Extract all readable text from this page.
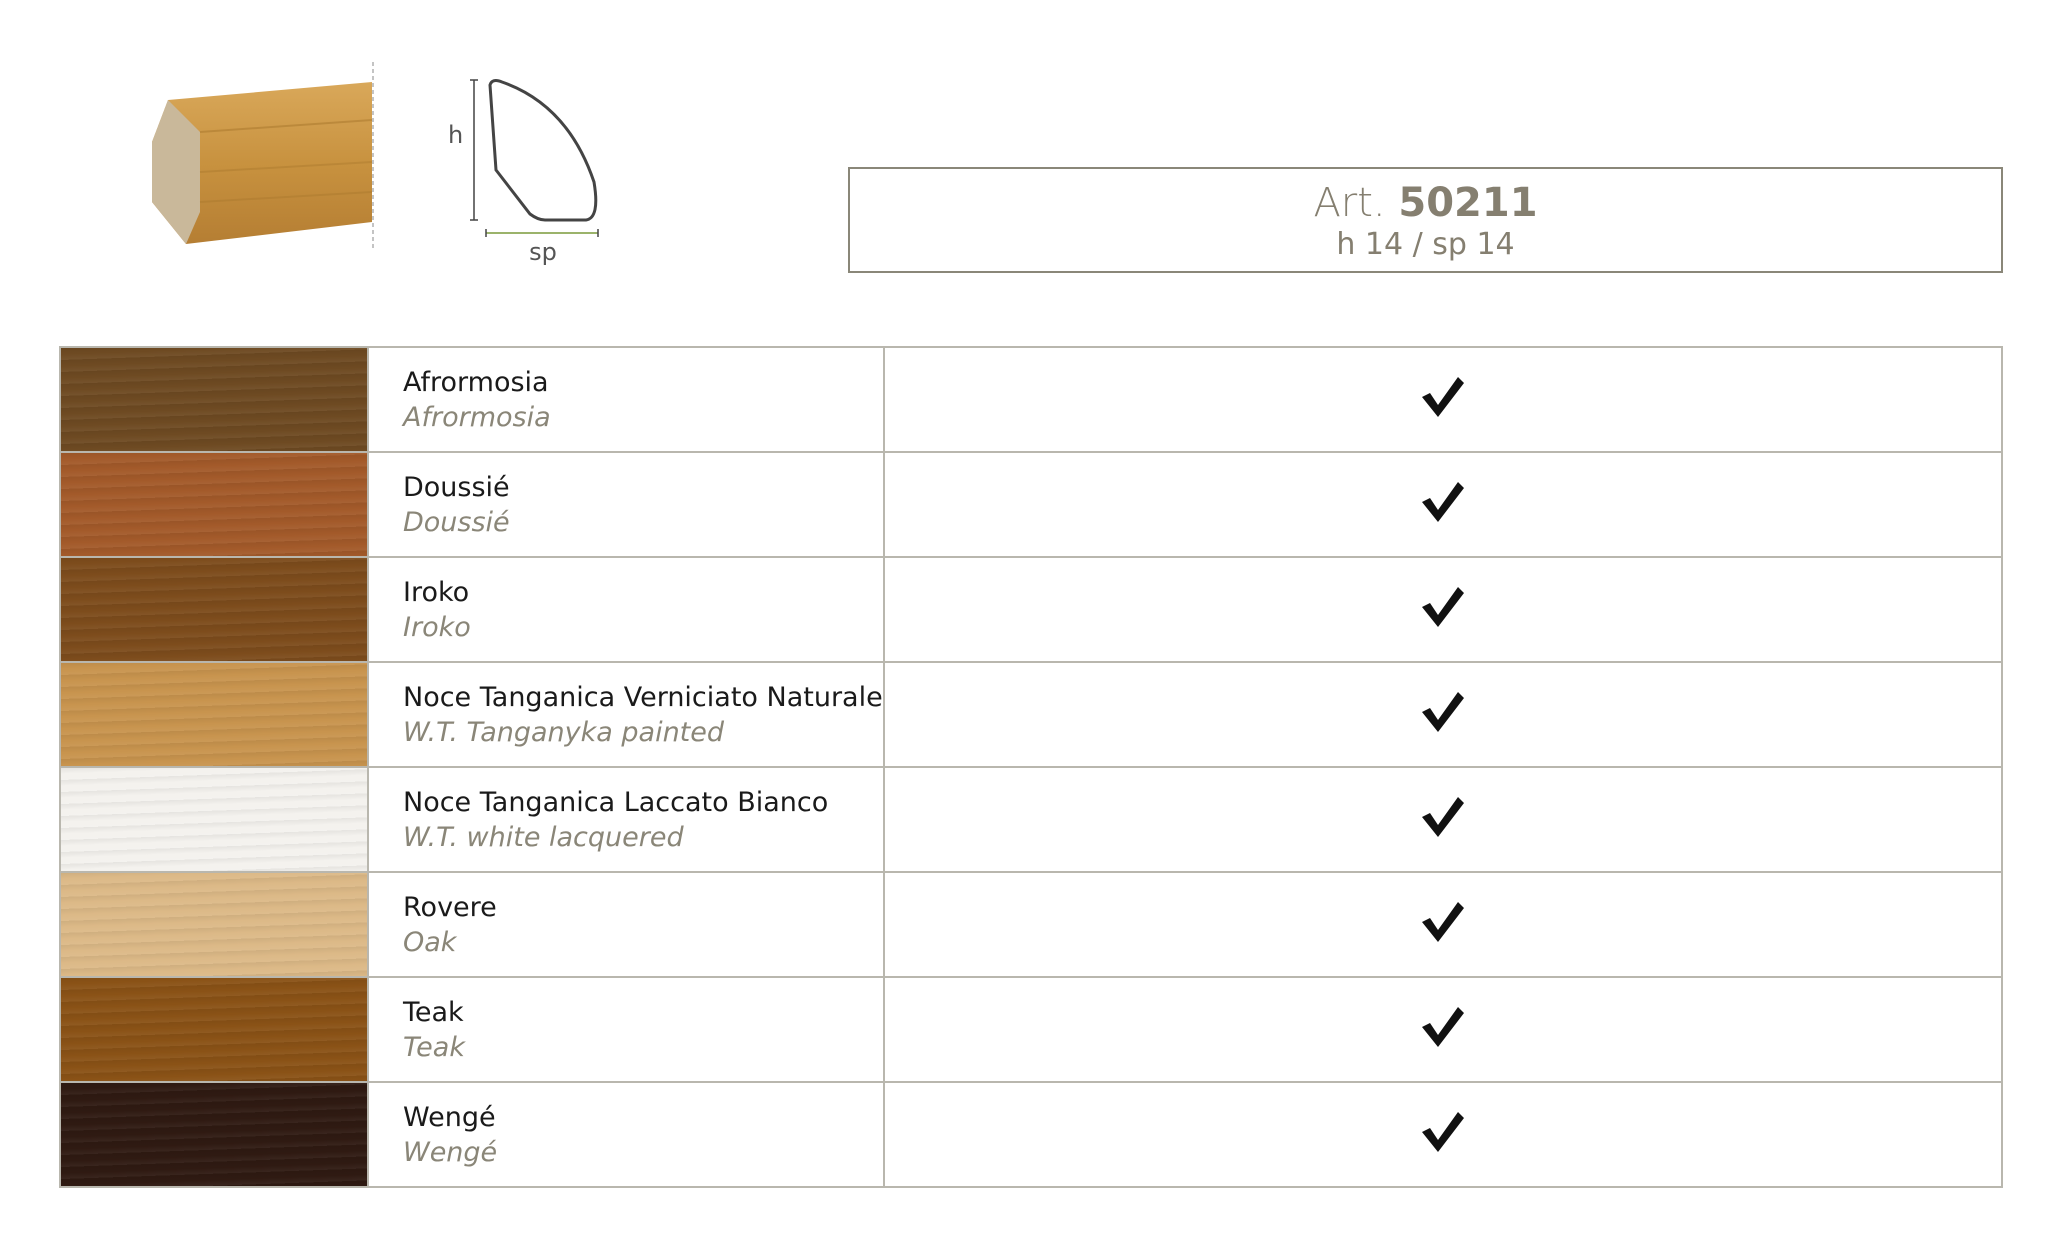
h
sp
Art. 50211
h 14 / sp 14

	Afrormosia
Afrormosia

	Doussié
Doussié

	Iroko
Iroko

	Noce Tanganica Verniciato Naturale
W.T. Tanganyka painted

	Noce Tanganica Laccato Bianco
W.T. white lacquered

	Rovere
Oak

	Teak
Teak

	Wengé
Wengé
